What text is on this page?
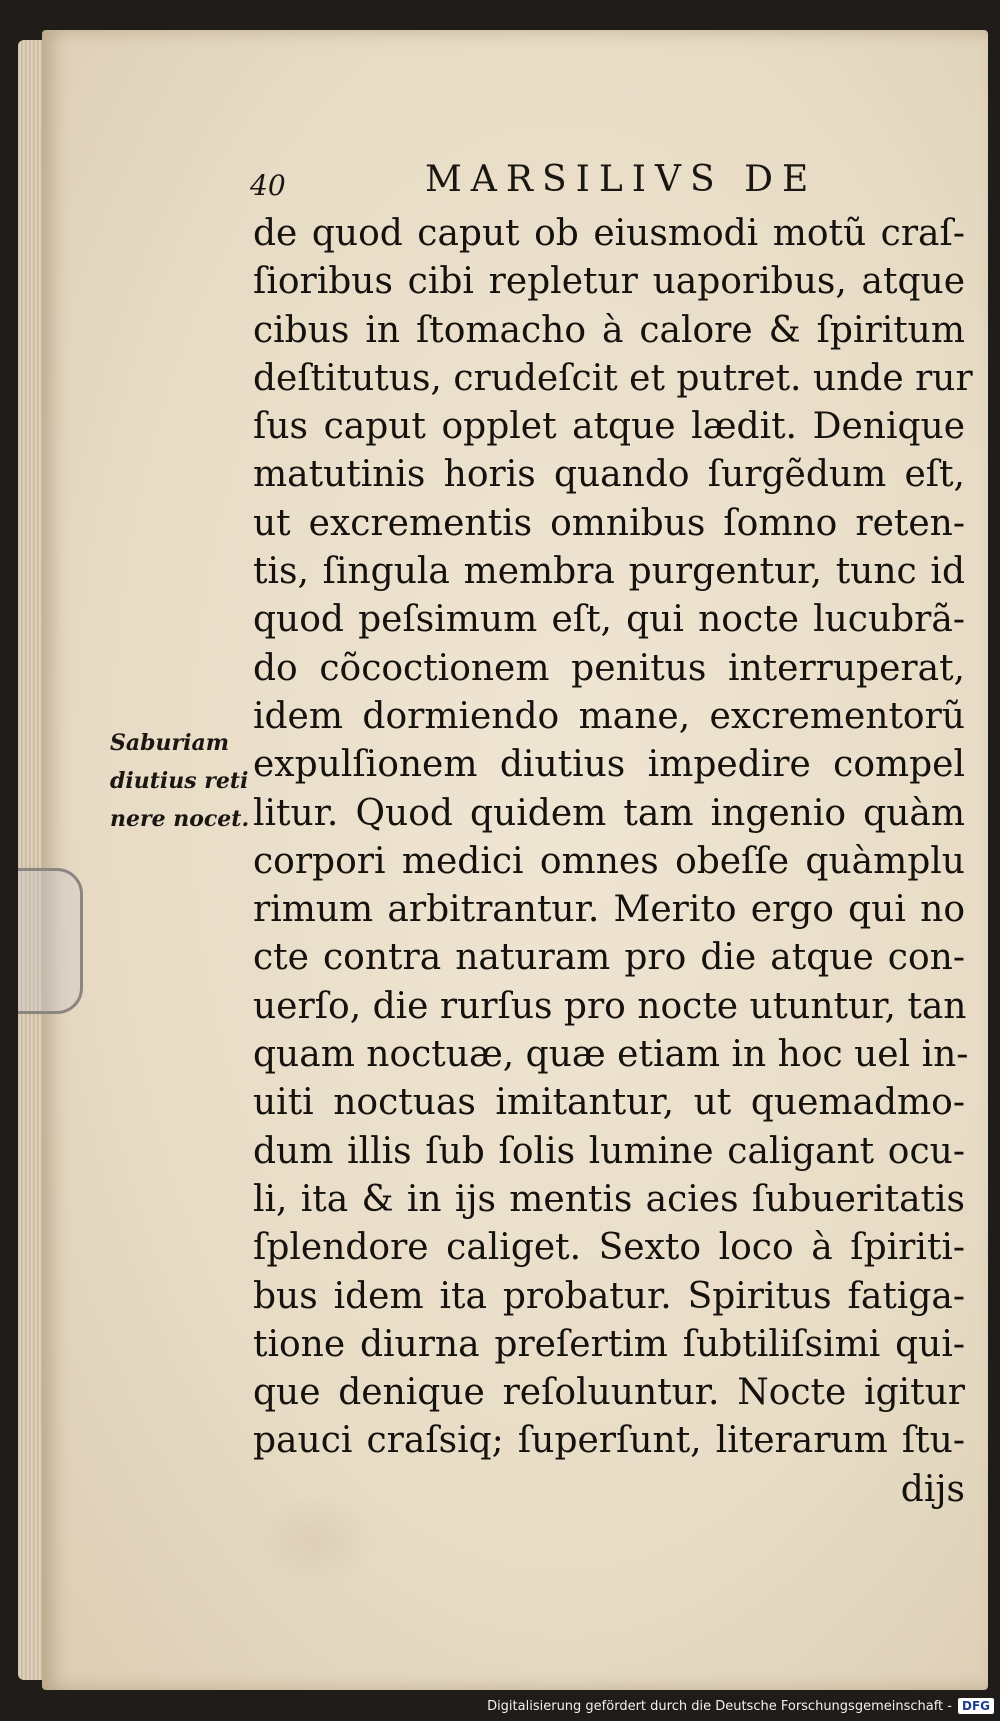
40	MARSILIVS DE
de quod caput ob eiusmodi motũ craſ-
ſioribus cibi repletur uaporibus, atque
cibus in ſtomacho à calore & ſpiritum
deſtitutus, crudeſcit et putret. unde rur
ſus caput opplet atque lædit. Denique
matutinis horis quando ſurgẽdum eſt,
ut excrementis omnibus ſomno reten-
tis, ſingula membra purgentur, tunc id
quod peſsimum eſt, qui nocte lucubrã-
do cõcoctionem penitus interruperat,
idem dormiendo mane, excrementorũ
expulſionem diutius impedire compel
litur. Quod quidem tam ingenio quàm
corpori medici omnes obeſſe quàmplu
rimum arbitrantur. Merito ergo qui no
cte contra naturam pro die atque con-
uerſo, die rurſus pro nocte utuntur, tan
quam noctuæ, quæ etiam in hoc uel in-
uiti noctuas imitantur, ut quemadmo-
dum illis ſub ſolis lumine caligant ocu-
li, ita & in ijs mentis acies ſubueritatis
ſplendore caliget. Sexto loco à ſpiriti-
bus idem ita probatur. Spiritus fatiga-
tione diurna preſertim ſubtiliſsimi qui-
que denique reſoluuntur. Nocte igitur
pauci craſsiq; ſuperſunt, literarum ſtu-
dijs
Saburiam
diutius reti
nere nocet.
Digitalisierung gefördert durch die Deutsche Forschungsgemeinschaft - DFG
